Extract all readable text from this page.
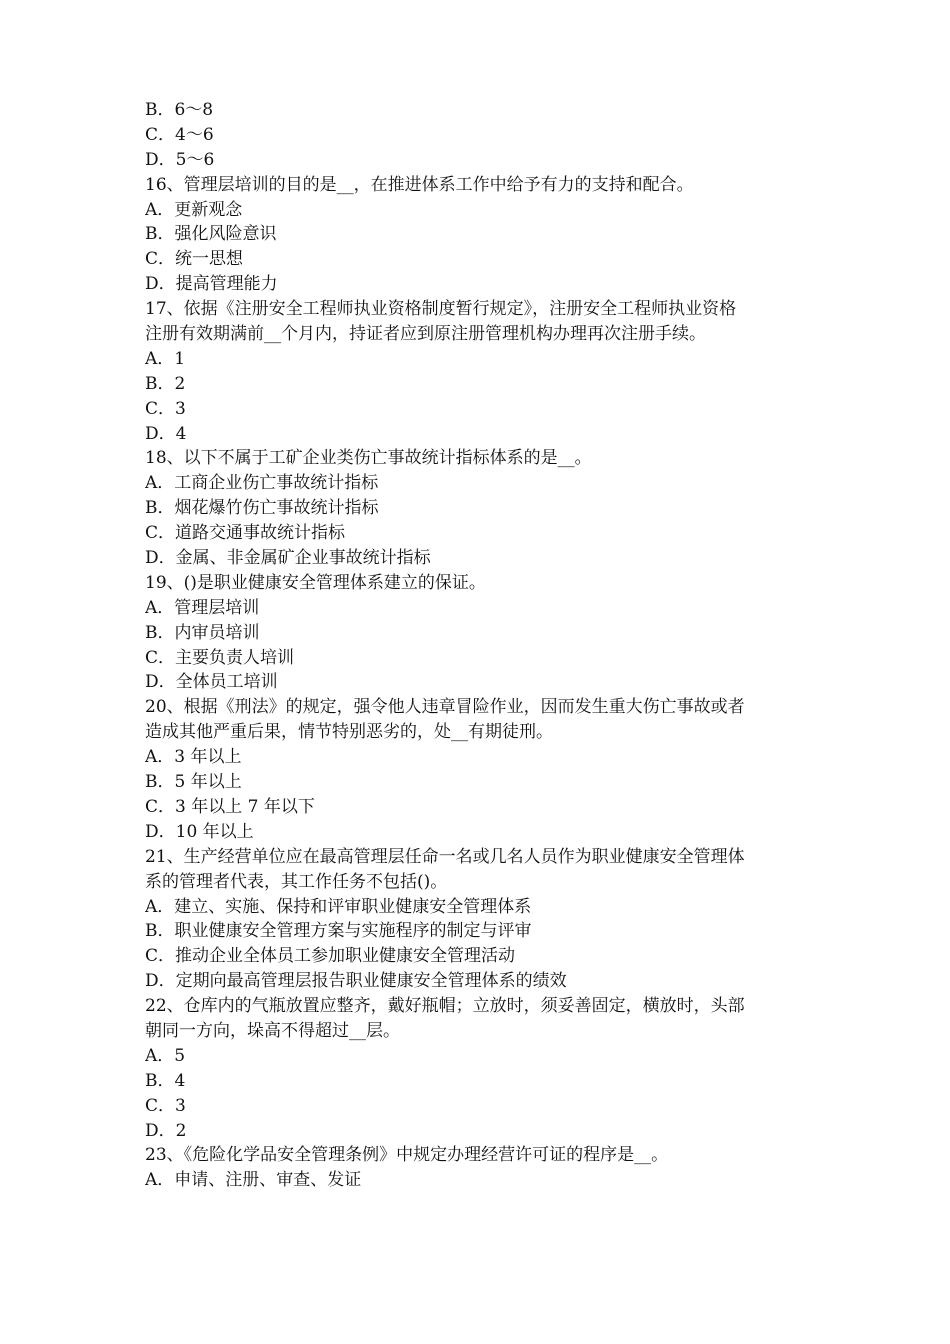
B．6～8
C．4～6
D．5～6
16、管理层培训的目的是__，在推进体系工作中给予有力的支持和配合。
A．更新观念
B．强化风险意识
C．统一思想
D．提高管理能力
17、依据《注册安全工程师执业资格制度暂行规定》，注册安全工程师执业资格
注册有效期满前__个月内，持证者应到原注册管理机构办理再次注册手续。
A．1
B．2
C．3
D．4
18、以下不属于工矿企业类伤亡事故统计指标体系的是__。
A．工商企业伤亡事故统计指标
B．烟花爆竹伤亡事故统计指标
C．道路交通事故统计指标
D．金属、非金属矿企业事故统计指标
19、()是职业健康安全管理体系建立的保证。
A．管理层培训
B．内审员培训
C．主要负责人培训
D．全体员工培训
20、根据《刑法》的规定，强令他人违章冒险作业，因而发生重大伤亡事故或者
造成其他严重后果，情节特别恶劣的，处__有期徒刑。
A．3 年以上
B．5 年以上
C．3 年以上 7 年以下
D．10 年以上
21、生产经营单位应在最高管理层任命一名或几名人员作为职业健康安全管理体
系的管理者代表，其工作任务不包括()。
A．建立、实施、保持和评审职业健康安全管理体系
B．职业健康安全管理方案与实施程序的制定与评审
C．推动企业全体员工参加职业健康安全管理活动
D．定期向最高管理层报告职业健康安全管理体系的绩效
22、仓库内的气瓶放置应整齐，戴好瓶帽；立放时，须妥善固定，横放时，头部
朝同一方向，垛高不得超过__层。
A．5
B．4
C．3
D．2
23、《危险化学品安全管理条例》中规定办理经营许可证的程序是__。
A．申请、注册、审查、发证
